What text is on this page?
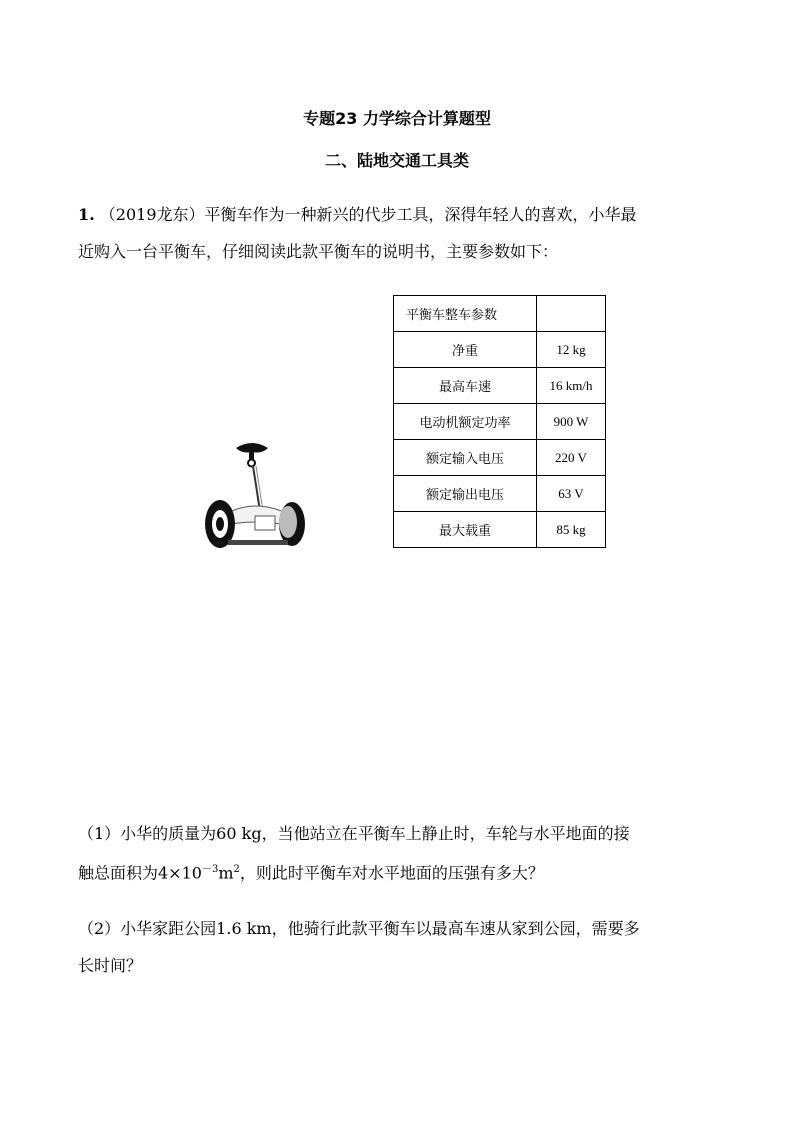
专题23 力学综合计算题型
二、陆地交通工具类
1. （2019龙东）平衡车作为一种新兴的代步工具，深得年轻人的喜欢，小华最
近购入一台平衡车，仔细阅读此款平衡车的说明书，主要参数如下：
平衡车整车参数	
净重	12 kg
最高车速	16 km/h
电动机额定功率	900 W
额定输入电压	220 V
额定输出电压	63 V
最大载重	85 kg
（1）小华的质量为60 kg，当他站立在平衡车上静止时，车轮与水平地面的接
触总面积为$4\times 10^{-3}m^2$，则此时平衡车对水平地面的压强有多大？
（2）小华家距公园1.6 km，他骑行此款平衡车以最高车速从家到公园，需要多
长时间？
